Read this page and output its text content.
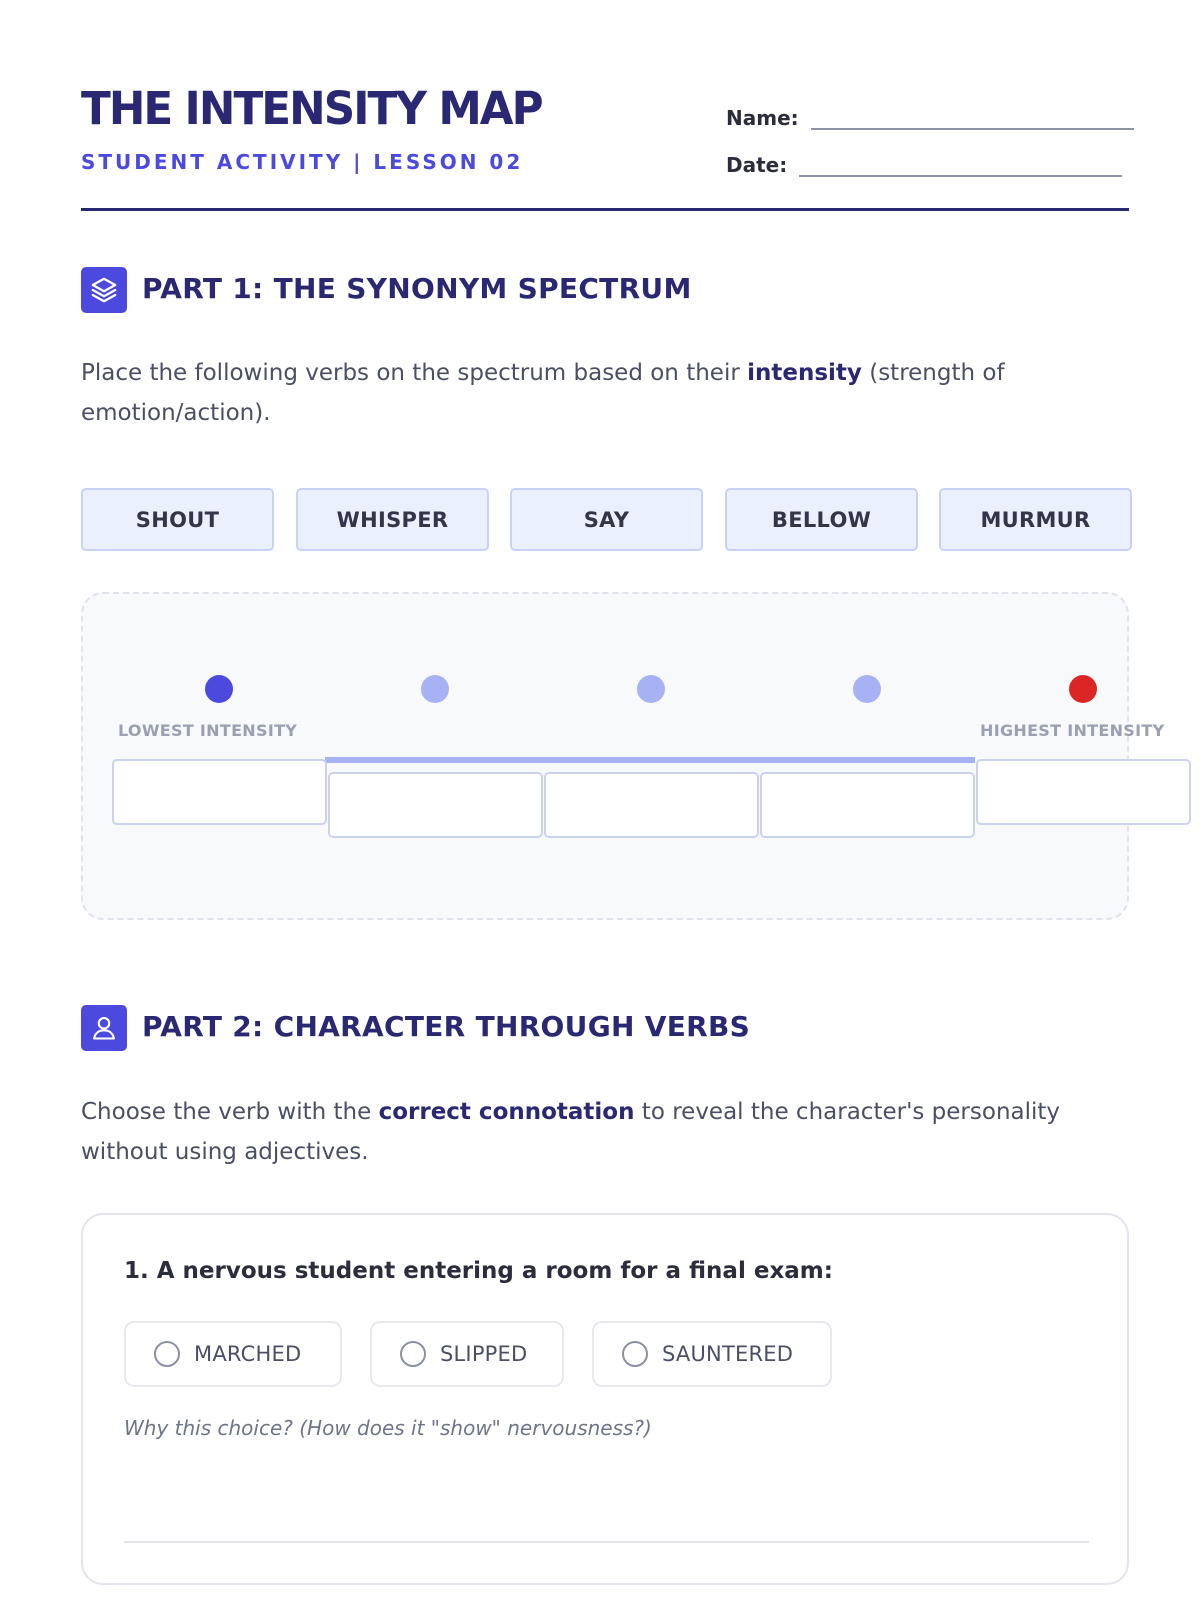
THE INTENSITY MAP
STUDENT ACTIVITY | LESSON 02
Name:
Date:
PART 1: THE SYNONYM SPECTRUM
Place the following verbs on the spectrum based on their intensity (strength of emotion/action).
SHOUT	WHISPER	SAY	BELLOW	MURMUR
LOWEST INTENSITY	HIGHEST INTENSITY
PART 2: CHARACTER THROUGH VERBS
Choose the verb with the correct connotation to reveal the character's personality without using adjectives.
1. A nervous student entering a room for a final exam:
MARCHED	SLIPPED	SAUNTERED
Why this choice? (How does it "show" nervousness?)
